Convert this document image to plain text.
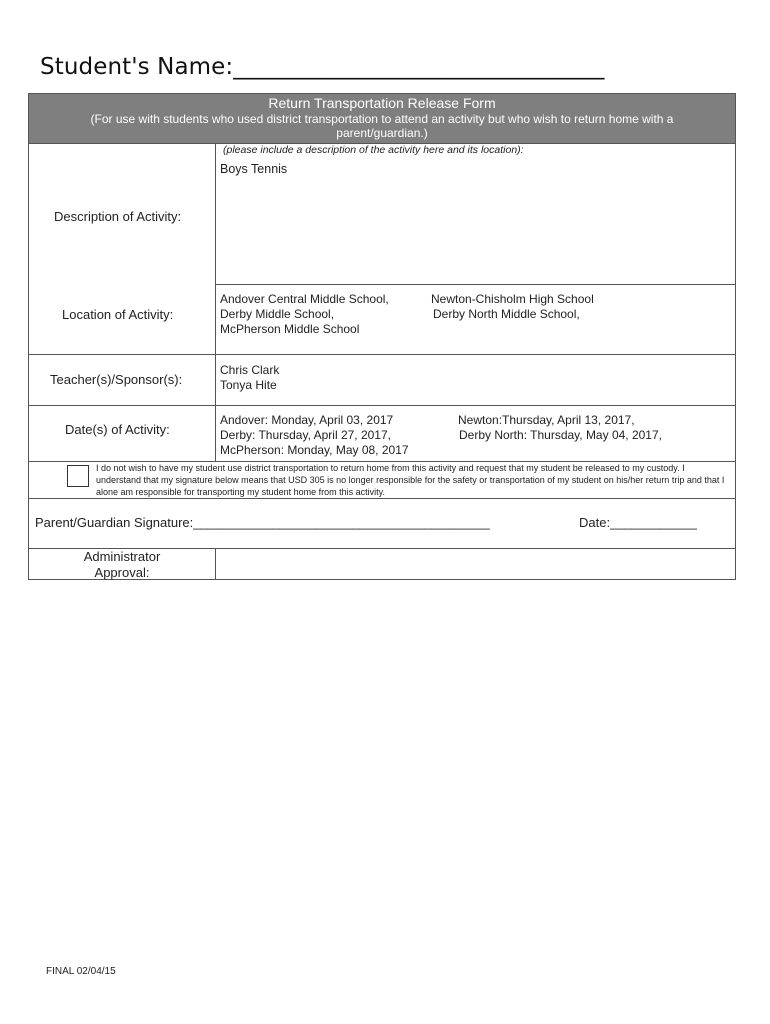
Student's Name:________________________________
Return Transportation Release Form
(For use with students who used district transportation to attend an activity but who wish to return home with a parent/guardian.)
(please include a description of the activity here and its location):
Description of Activity:
Boys Tennis
Location of Activity:
Andover Central Middle School,
Derby Middle School,
McPherson Middle School
Newton-Chisholm High School
Derby North Middle School,
Teacher(s)/Sponsor(s):
Chris Clark
Tonya Hite
Date(s) of Activity:
Andover: Monday, April 03, 2017
Derby: Thursday, April 27, 2017,
McPherson: Monday, May 08, 2017
Newton:Thursday, April 13, 2017,
Derby North: Thursday, May 04, 2017,
I do not wish to have my student use district transportation to return home from this activity and request that my student be released to my custody. I understand that my signature below means that USD 305 is no longer responsible for the safety or transportation of my student on his/her return trip and that I alone am responsible for transporting my student home from this activity.
Parent/Guardian Signature:_________________________________________	Date:____________
Administrator
Approval:
FINAL 02/04/15
